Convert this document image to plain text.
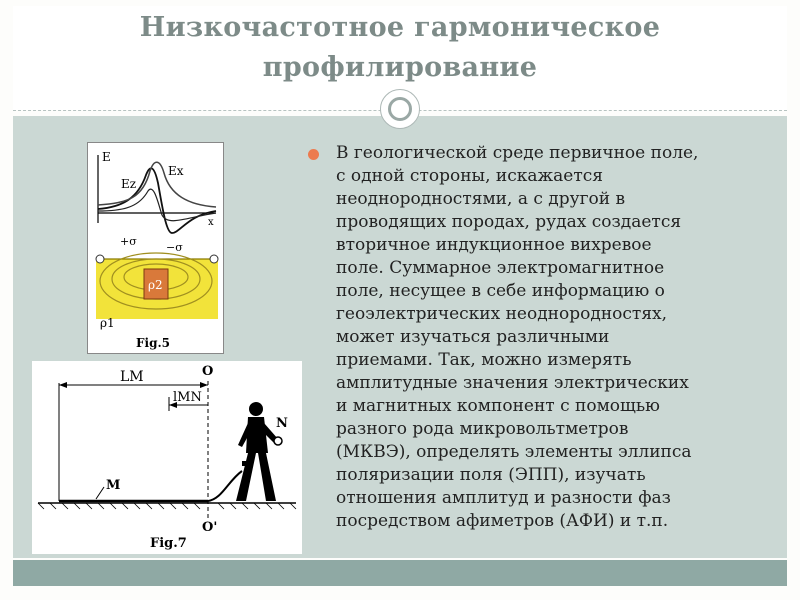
Низкочастотное гармоническое
профилирование
E
x
Ez
Ex
+σ	−σ
ρ2
ρ1
Fig.5
O
O'
LM
lMN
M
N
Fig.7
В геологической среде первичное поле,
с одной стороны, искажается
неоднородностями, а с другой в
проводящих породах, рудах создается
вторичное индукционное вихревое
поле. Суммарное электромагнитное
поле, несущее в себе информацию о
геоэлектрических неоднородностях,
может изучаться различными
приемами. Так, можно измерять
амплитудные значения электрических
и магнитных компонент с помощью
разного рода микровольтметров
(МКВЭ), определять элементы эллипса
поляризации поля (ЭПП), изучать
отношения амплитуд и разности фаз
посредством афиметров (АФИ) и т.п.
